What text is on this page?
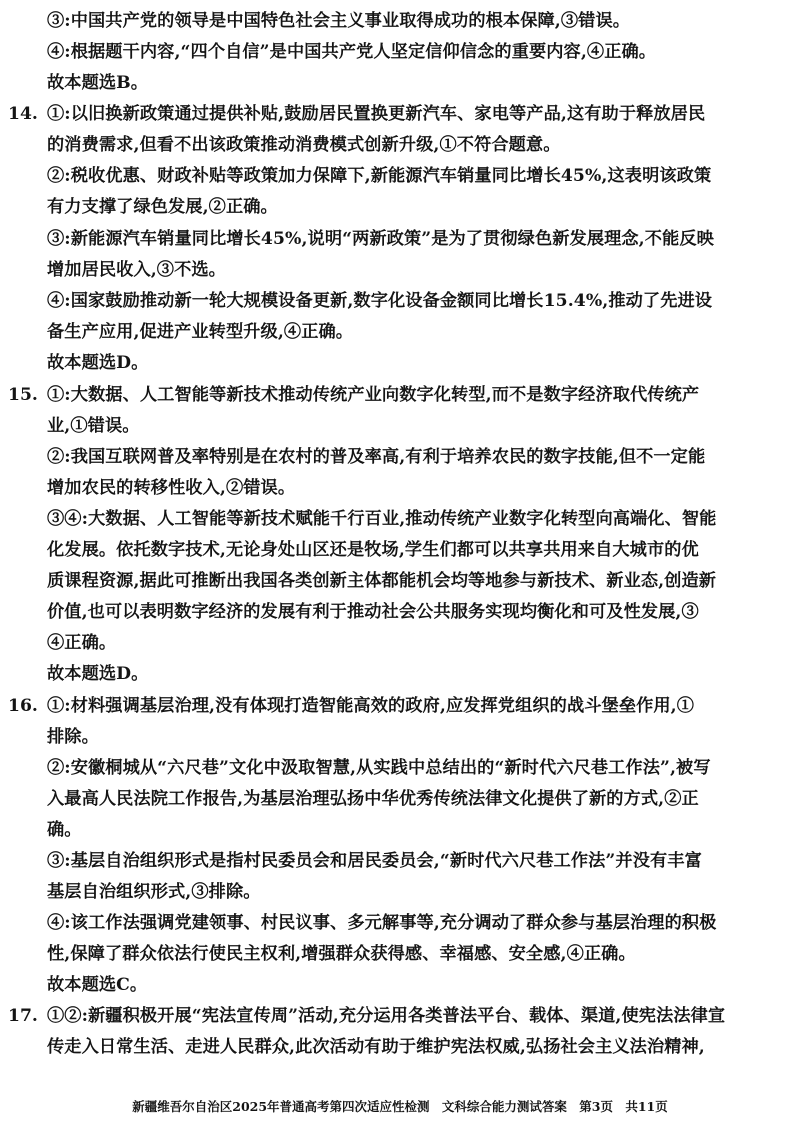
③:中国共产党的领导是中国特色社会主义事业取得成功的根本保障,③错误。
④:根据题干内容,“四个自信”是中国共产党人坚定信仰信念的重要内容,④正确。
故本题选B。
①:以旧换新政策通过提供补贴,鼓励居民置换更新汽车、家电等产品,这有助于释放居民
的消费需求,但看不出该政策推动消费模式创新升级,①不符合题意。
②:税收优惠、财政补贴等政策加力保障下,新能源汽车销量同比增长45%,这表明该政策
有力支撑了绿色发展,②正确。
③:新能源汽车销量同比增长45%,说明“两新政策”是为了贯彻绿色新发展理念,不能反映
增加居民收入,③不选。
④:国家鼓励推动新一轮大规模设备更新,数字化设备金额同比增长15.4%,推动了先进设
备生产应用,促进产业转型升级,④正确。
故本题选D。
①:大数据、人工智能等新技术推动传统产业向数字化转型,而不是数字经济取代传统产
业,①错误。
②:我国互联网普及率特别是在农村的普及率高,有利于培养农民的数字技能,但不一定能
增加农民的转移性收入,②错误。
③④:大数据、人工智能等新技术赋能千行百业,推动传统产业数字化转型向高端化、智能
化发展。依托数字技术,无论身处山区还是牧场,学生们都可以共享共用来自大城市的优
质课程资源,据此可推断出我国各类创新主体都能机会均等地参与新技术、新业态,创造新
价值,也可以表明数字经济的发展有利于推动社会公共服务实现均衡化和可及性发展,③
④正确。
故本题选D。
①:材料强调基层治理,没有体现打造智能高效的政府,应发挥党组织的战斗堡垒作用,①
排除。
②:安徽桐城从“六尺巷”文化中汲取智慧,从实践中总结出的“新时代六尺巷工作法”,被写
入最高人民法院工作报告,为基层治理弘扬中华优秀传统法律文化提供了新的方式,②正
确。
③:基层自治组织形式是指村民委员会和居民委员会,“新时代六尺巷工作法”并没有丰富
基层自治组织形式,③排除。
④:该工作法强调党建领事、村民议事、多元解事等,充分调动了群众参与基层治理的积极
性,保障了群众依法行使民主权利,增强群众获得感、幸福感、安全感,④正确。
故本题选C。
①②:新疆积极开展“宪法宣传周”活动,充分运用各类普法平台、载体、渠道,使宪法法律宣
传走入日常生活、走进人民群众,此次活动有助于维护宪法权威,弘扬社会主义法治精神,
14.
15.
16.
17.
新疆维吾尔自治区2025年普通高考第四次适应性检测 文科综合能力测试答案 第3页 共11页
